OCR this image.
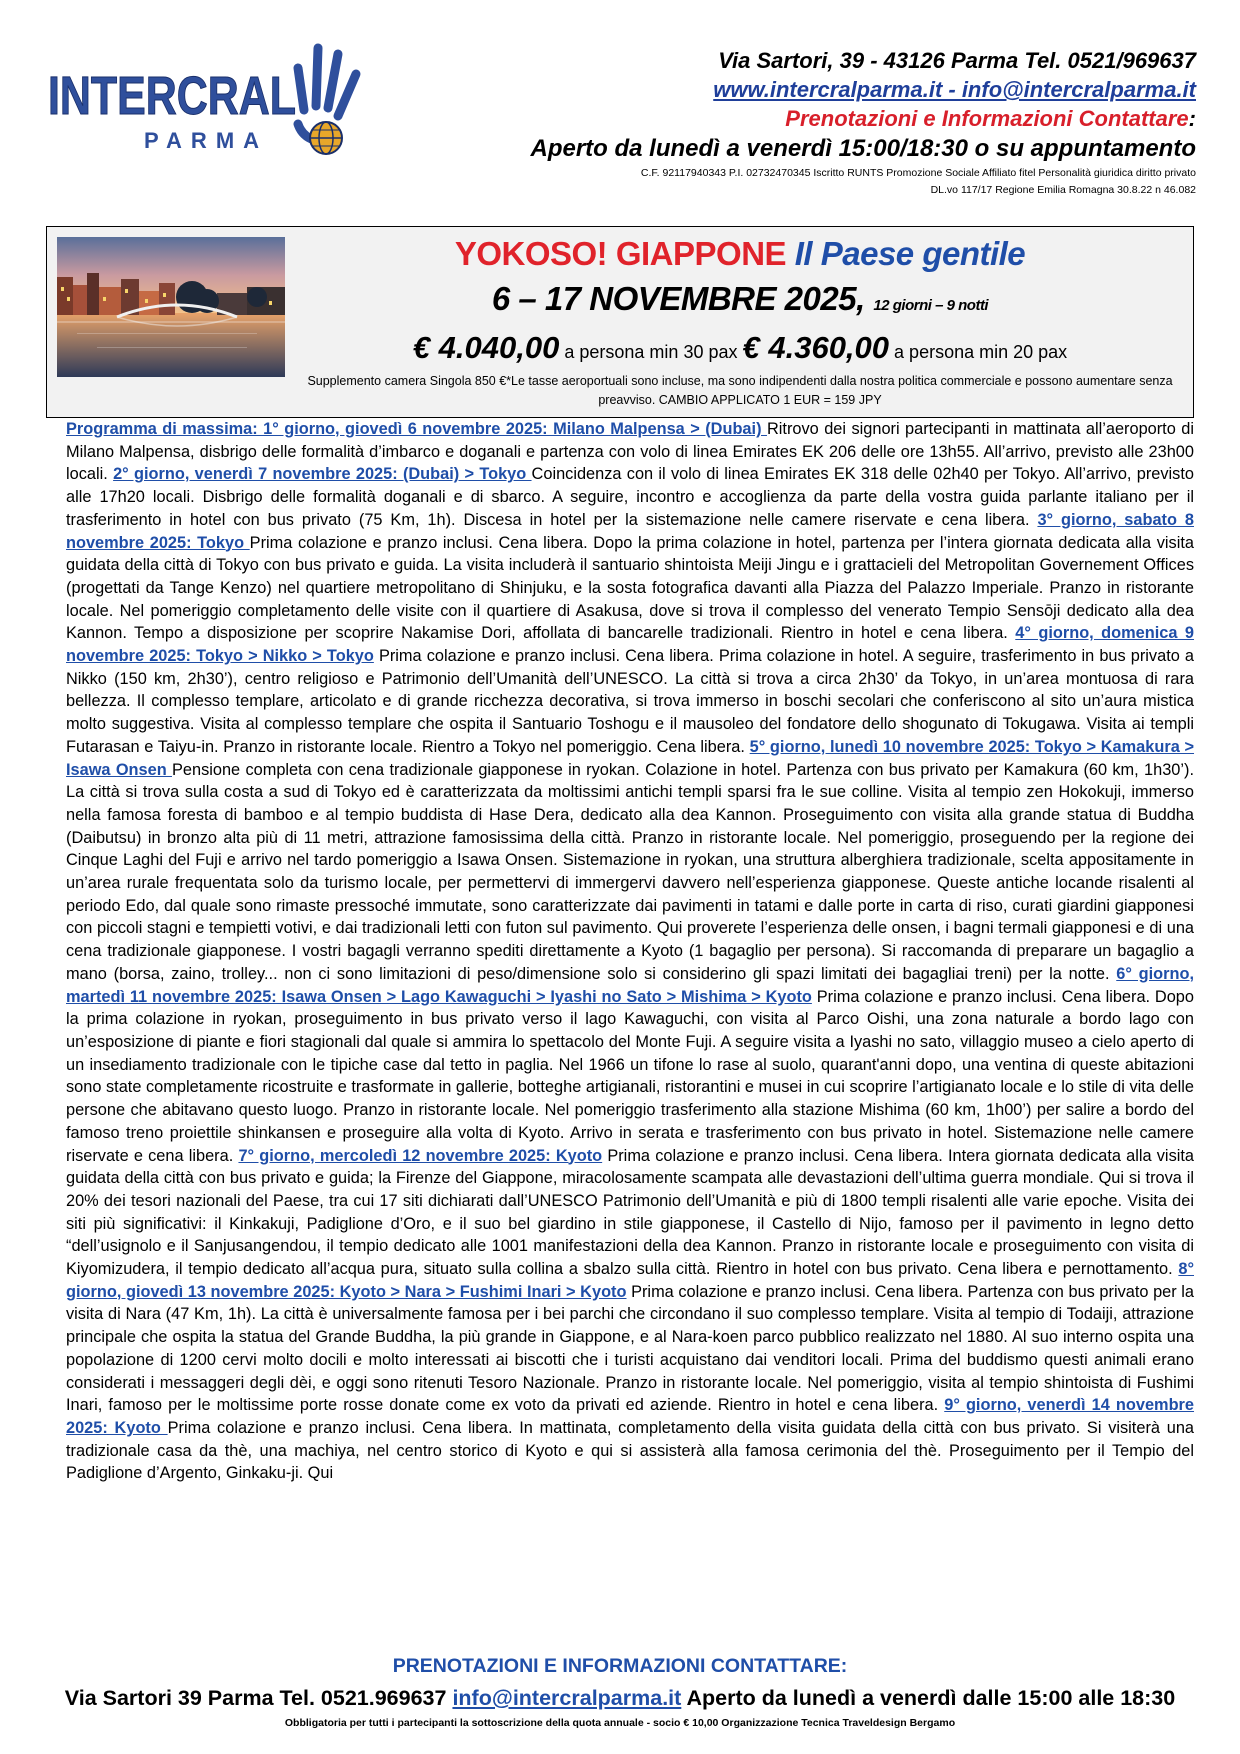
INTERCRAL
PARMA
Via Sartori, 39 - 43126 Parma Tel. 0521/969637
www.intercralparma.it - info@intercralparma.it
Prenotazioni e Informazioni Contattare:
Aperto da lunedì a venerdì 15:00/18:30 o su appuntamento
C.F. 92117940343 P.I. 02732470345 Iscritto RUNTS Promozione Sociale Affiliato fitel Personalità giuridica diritto privato
DL.vo 117/17 Regione Emilia Romagna 30.8.22 n 46.082
YOKOSO! GIAPPONE Il Paese gentile
6 – 17 NOVEMBRE 2025, 12 giorni – 9 notti
€ 4.040,00 a persona min 30 pax € 4.360,00 a persona min 20 pax
Supplemento camera Singola 850 €*Le tasse aeroportuali sono incluse, ma sono indipendenti dalla nostra politica commerciale e possono aumentare senza preavviso. CAMBIO APPLICATO 1 EUR = 159 JPY
Programma di massima: 1° giorno, giovedì 6 novembre 2025: Milano Malpensa > (Dubai) Ritrovo dei signori partecipanti in mattinata all’aeroporto di Milano Malpensa, disbrigo delle formalità d’imbarco e doganali e partenza con volo di linea Emirates EK 206 delle ore 13h55. All’arrivo, previsto alle 23h00 locali. 2° giorno, venerdì 7 novembre 2025: (Dubai) > Tokyo Coincidenza con il volo di linea Emirates EK 318 delle 02h40 per Tokyo. All’arrivo, previsto alle 17h20 locali. Disbrigo delle formalità doganali e di sbarco. A seguire, incontro e accoglienza da parte della vostra guida parlante italiano per il trasferimento in hotel con bus privato (75 Km, 1h). Discesa in hotel per la sistemazione nelle camere riservate e cena libera. 3° giorno, sabato 8 novembre 2025: Tokyo Prima colazione e pranzo inclusi. Cena libera. Dopo la prima colazione in hotel, partenza per l’intera giornata dedicata alla visita guidata della città di Tokyo con bus privato e guida. La visita includerà il santuario shintoista Meiji Jingu e i grattacieli del Metropolitan Governement Offices (progettati da Tange Kenzo) nel quartiere metropolitano di Shinjuku, e la sosta fotografica davanti alla Piazza del Palazzo Imperiale. Pranzo in ristorante locale. Nel pomeriggio completamento delle visite con il quartiere di Asakusa, dove si trova il complesso del venerato Tempio Sensōji dedicato alla dea Kannon. Tempo a disposizione per scoprire Nakamise Dori, affollata di bancarelle tradizionali. Rientro in hotel e cena libera. 4° giorno, domenica 9 novembre 2025: Tokyo > Nikko > Tokyo Prima colazione e pranzo inclusi. Cena libera. Prima colazione in hotel. A seguire, trasferimento in bus privato a Nikko (150 km, 2h30’), centro religioso e Patrimonio dell’Umanità dell’UNESCO. La città si trova a circa 2h30’ da Tokyo, in un’area montuosa di rara bellezza. Il complesso templare, articolato e di grande ricchezza decorativa, si trova immerso in boschi secolari che conferiscono al sito un’aura mistica molto suggestiva. Visita al complesso templare che ospita il Santuario Toshogu e il mausoleo del fondatore dello shogunato di Tokugawa. Visita ai templi Futarasan e Taiyu-in. Pranzo in ristorante locale. Rientro a Tokyo nel pomeriggio. Cena libera. 5° giorno, lunedì 10 novembre 2025: Tokyo > Kamakura > Isawa Onsen Pensione completa con cena tradizionale giapponese in ryokan. Colazione in hotel. Partenza con bus privato per Kamakura (60 km, 1h30’). La città si trova sulla costa a sud di Tokyo ed è caratterizzata da moltissimi antichi templi sparsi fra le sue colline. Visita al tempio zen Hokokuji, immerso nella famosa foresta di bamboo e al tempio buddista di Hase Dera, dedicato alla dea Kannon. Proseguimento con visita alla grande statua di Buddha (Daibutsu) in bronzo alta più di 11 metri, attrazione famosissima della città. Pranzo in ristorante locale. Nel pomeriggio, proseguendo per la regione dei Cinque Laghi del Fuji e arrivo nel tardo pomeriggio a Isawa Onsen. Sistemazione in ryokan, una struttura alberghiera tradizionale, scelta appositamente in un’area rurale frequentata solo da turismo locale, per permettervi di immergervi davvero nell’esperienza giapponese. Queste antiche locande risalenti al periodo Edo, dal quale sono rimaste pressoché immutate, sono caratterizzate dai pavimenti in tatami e dalle porte in carta di riso, curati giardini giapponesi con piccoli stagni e tempietti votivi, e dai tradizionali letti con futon sul pavimento. Qui proverete l’esperienza delle onsen, i bagni termali giapponesi e di una cena tradizionale giapponese. I vostri bagagli verranno spediti direttamente a Kyoto (1 bagaglio per persona). Si raccomanda di preparare un bagaglio a mano (borsa, zaino, trolley... non ci sono limitazioni di peso/dimensione solo si considerino gli spazi limitati dei bagagliai treni) per la notte. 6° giorno, martedì 11 novembre 2025: Isawa Onsen > Lago Kawaguchi > Iyashi no Sato > Mishima > Kyoto Prima colazione e pranzo inclusi. Cena libera. Dopo la prima colazione in ryokan, proseguimento in bus privato verso il lago Kawaguchi, con visita al Parco Oishi, una zona naturale a bordo lago con un’esposizione di piante e fiori stagionali dal quale si ammira lo spettacolo del Monte Fuji. A seguire visita a Iyashi no sato, villaggio museo a cielo aperto di un insediamento tradizionale con le tipiche case dal tetto in paglia. Nel 1966 un tifone lo rase al suolo, quarant'anni dopo, una ventina di queste abitazioni sono state completamente ricostruite e trasformate in gallerie, botteghe artigianali, ristorantini e musei in cui scoprire l’artigianato locale e lo stile di vita delle persone che abitavano questo luogo. Pranzo in ristorante locale. Nel pomeriggio trasferimento alla stazione Mishima (60 km, 1h00’) per salire a bordo del famoso treno proiettile shinkansen e proseguire alla volta di Kyoto. Arrivo in serata e trasferimento con bus privato in hotel. Sistemazione nelle camere riservate e cena libera. 7° giorno, mercoledì 12 novembre 2025: Kyoto Prima colazione e pranzo inclusi. Cena libera. Intera giornata dedicata alla visita guidata della città con bus privato e guida; la Firenze del Giappone, miracolosamente scampata alle devastazioni dell’ultima guerra mondiale. Qui si trova il 20% dei tesori nazionali del Paese, tra cui 17 siti dichiarati dall’UNESCO Patrimonio dell’Umanità e più di 1800 templi risalenti alle varie epoche. Visita dei siti più significativi: il Kinkakuji, Padiglione d’Oro, e il suo bel giardino in stile giapponese, il Castello di Nijo, famoso per il pavimento in legno detto “dell’usignolo e il Sanjusangendou, il tempio dedicato alle 1001 manifestazioni della dea Kannon. Pranzo in ristorante locale e proseguimento con visita di Kiyomizudera, il tempio dedicato all’acqua pura, situato sulla collina a sbalzo sulla città. Rientro in hotel con bus privato. Cena libera e pernottamento. 8° giorno, giovedì 13 novembre 2025: Kyoto > Nara > Fushimi Inari > Kyoto Prima colazione e pranzo inclusi. Cena libera. Partenza con bus privato per la visita di Nara (47 Km, 1h). La città è universalmente famosa per i bei parchi che circondano il suo complesso templare. Visita al tempio di Todaiji, attrazione principale che ospita la statua del Grande Buddha, la più grande in Giappone, e al Nara-koen parco pubblico realizzato nel 1880. Al suo interno ospita una popolazione di 1200 cervi molto docili e molto interessati ai biscotti che i turisti acquistano dai venditori locali. Prima del buddismo questi animali erano considerati i messaggeri degli dèi, e oggi sono ritenuti Tesoro Nazionale. Pranzo in ristorante locale. Nel pomeriggio, visita al tempio shintoista di Fushimi Inari, famoso per le moltissime porte rosse donate come ex voto da privati ed aziende. Rientro in hotel e cena libera. 9° giorno, venerdì 14 novembre 2025: Kyoto Prima colazione e pranzo inclusi. Cena libera. In mattinata, completamento della visita guidata della città con bus privato. Si visiterà una tradizionale casa da thè, una machiya, nel centro storico di Kyoto e qui si assisterà alla famosa cerimonia del thè. Proseguimento per il Tempio del Padiglione d’Argento, Ginkaku-ji. Qui
PRENOTAZIONI E INFORMAZIONI CONTATTARE:
Via Sartori 39 Parma Tel. 0521.969637 info@intercralparma.it Aperto da lunedì a venerdì dalle 15:00 alle 18:30
Obbligatoria per tutti i partecipanti la sottoscrizione della quota annuale - socio € 10,00 Organizzazione Tecnica Traveldesign Bergamo
